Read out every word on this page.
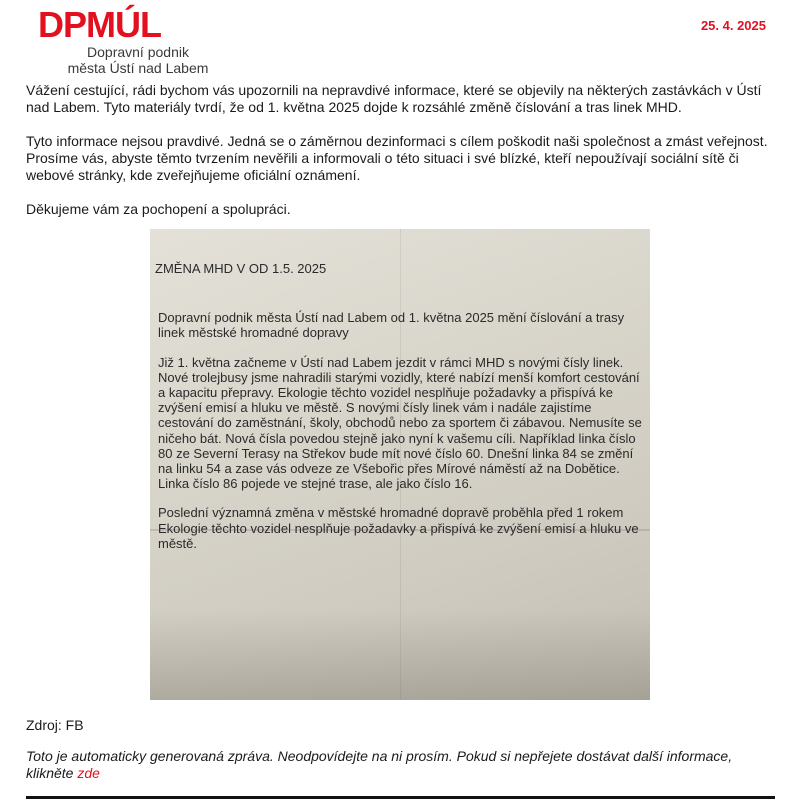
DPMÚL
Dopravní podnik
města Ústí nad Labem
25. 4. 2025

Vážení cestující, rádi bychom vás upozornili na nepravdivé informace, které se objevily na některých zastávkách v Ústí nad Labem. Tyto materiály tvrdí, že od 1. května 2025 dojde k rozsáhlé změně číslování a tras linek MHD.

Tyto informace nejsou pravdivé. Jedná se o záměrnou dezinformaci s cílem poškodit naši společnost a zmást veřejnost. Prosíme vás, abyste těmto tvrzením nevěřili a informovali o této situaci i své blízké, kteří nepoužívají sociální sítě či webové stránky, kde zveřejňujeme oficiální oznámení.

Děkujeme vám za pochopení a spolupráci.

ZMĚNA MHD V OD 1.5. 2025

Dopravní podnik města Ústí nad Labem od 1. května 2025 mění číslování a trasy linek městské hromadné dopravy

Již 1. května začneme v Ústí nad Labem jezdit v rámci MHD s novými čísly linek. Nové trolejbusy jsme nahradili starými vozidly, které nabízí menší komfort cestování a kapacitu přepravy. Ekologie těchto vozidel nesplňuje požadavky a přispívá ke zvýšení emisí a hluku ve městě. S novými čísly linek vám i nadále zajistíme cestování do zaměstnání, školy, obchodů nebo za sportem či zábavou. Nemusíte se ničeho bát. Nová čísla povedou stejně jako nyní k vašemu cíli. Například linka číslo 80 ze Severní Terasy na Střekov bude mít nové číslo 60. Dnešní linka 84 se změní na linku 54 a zase vás odveze ze Všebořic přes Mírové náměstí až na Dobětice. Linka číslo 86 pojede ve stejné trase, ale jako číslo 16.

Poslední významná změna v městské hromadné dopravě proběhla před 1 rokem Ekologie těchto vozidel nesplňuje požadavky a přispívá ke zvýšení emisí a hluku ve městě.

Zdroj: FB
Toto je automaticky generovaná zpráva. Neodpovídejte na ni prosím. Pokud si nepřejete dostávat další informace, klikněte zde
